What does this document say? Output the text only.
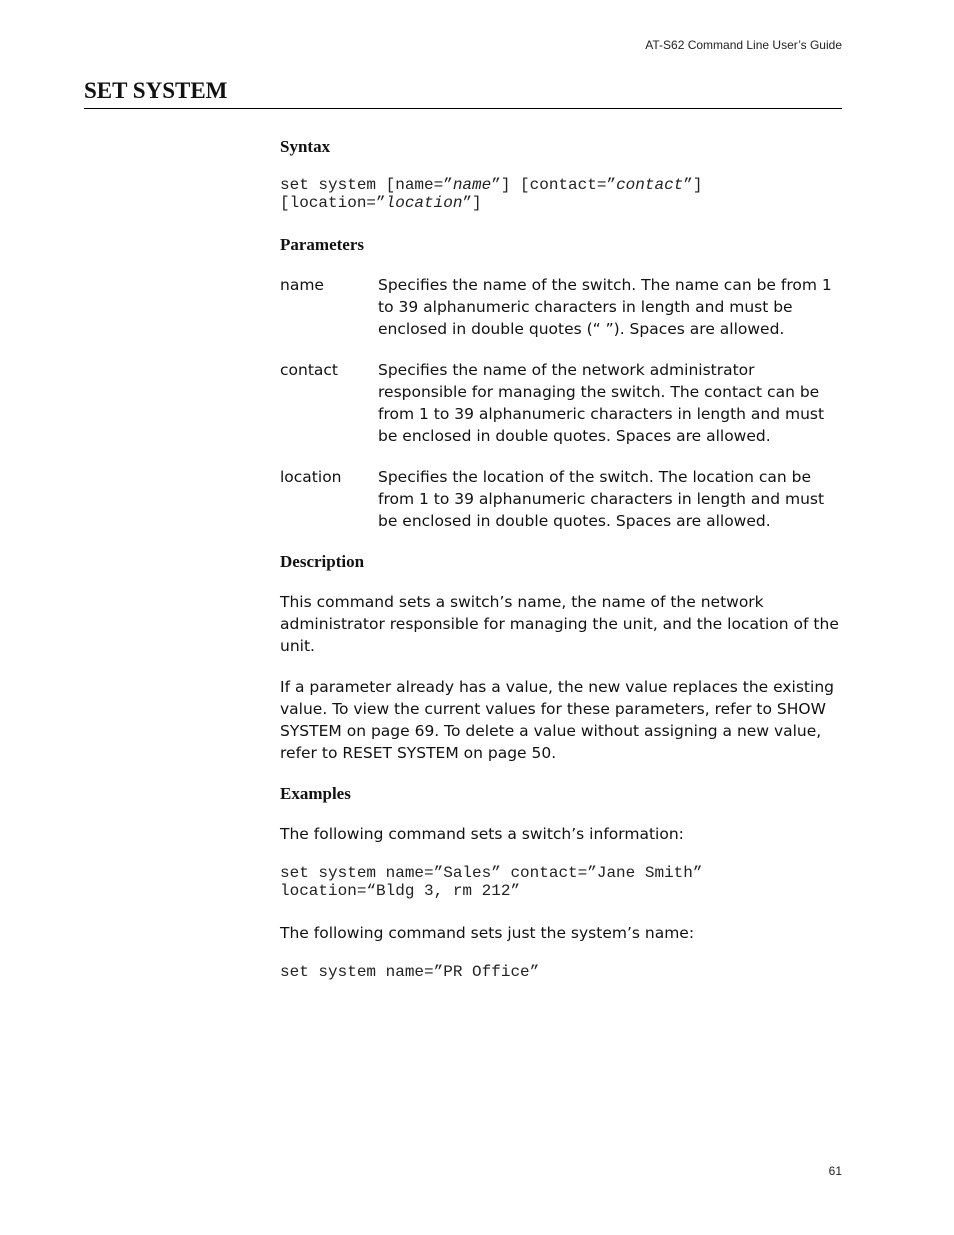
AT-S62 Command Line User’s Guide
SET SYSTEM
Syntax
set system [name=”name”] [contact=”contact”]
[location=”location”]
Parameters
name	Specifies the name of the switch. The name can be from 1 to 39 alphanumeric characters in length and must be enclosed in double quotes (“ ”). Spaces are allowed.
contact	Specifies the name of the network administrator responsible for managing the switch. The contact can be from 1 to 39 alphanumeric characters in length and must be enclosed in double quotes. Spaces are allowed.
location	Specifies the location of the switch. The location can be from 1 to 39 alphanumeric characters in length and must be enclosed in double quotes. Spaces are allowed.
Description

This command sets a switch’s name, the name of the network administrator responsible for managing the unit, and the location of the unit.

If a parameter already has a value, the new value replaces the existing value. To view the current values for these parameters, refer to SHOW SYSTEM on page 69. To delete a value without assigning a new value, refer to RESET SYSTEM on page 50.

Examples

The following command sets a switch’s information:

set system name=”Sales” contact=”Jane Smith”
location=“Bldg 3, rm 212”

The following command sets just the system’s name:

set system name=”PR Office”
61
